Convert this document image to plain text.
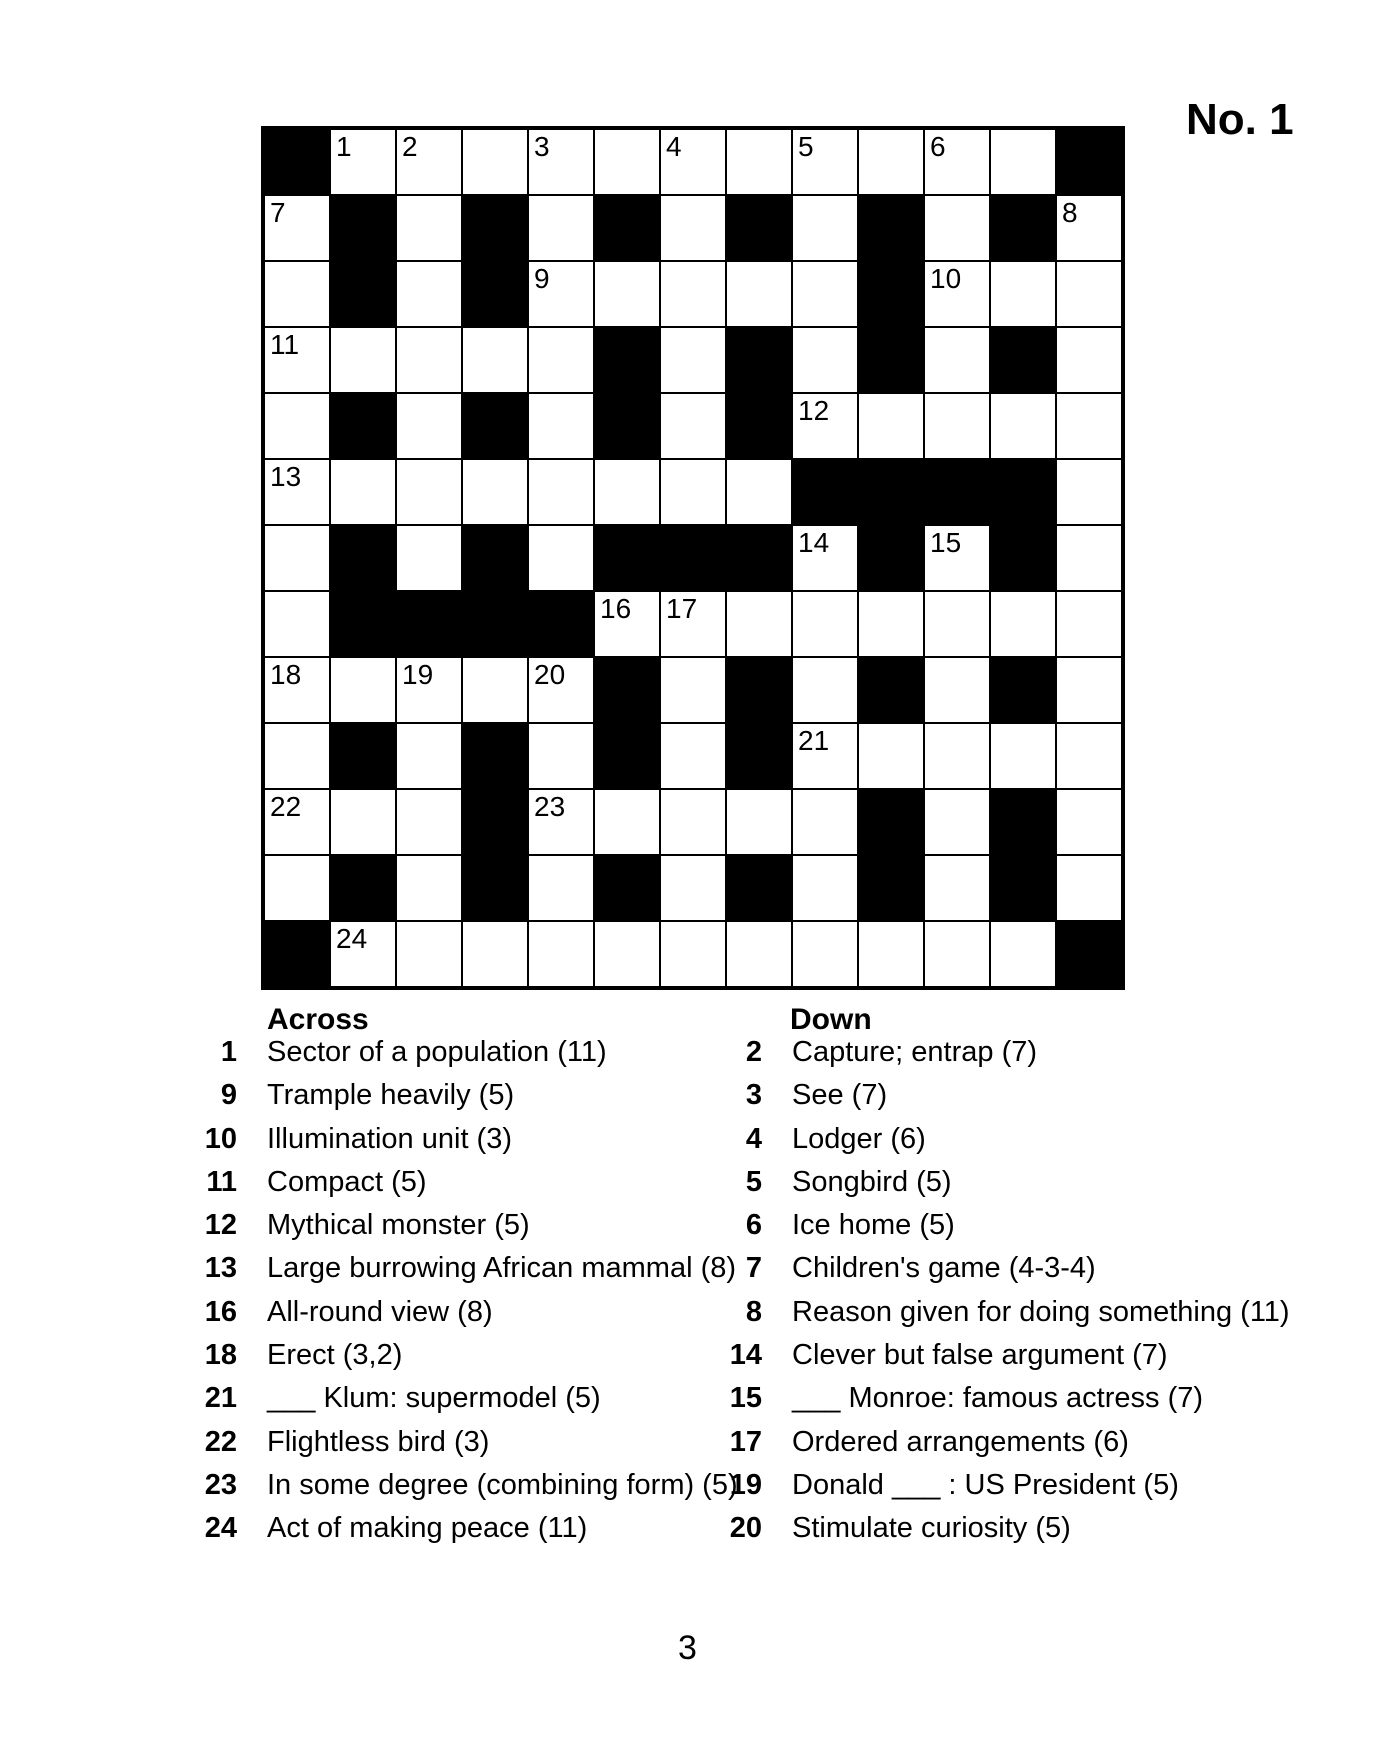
No. 1
1 2	3	4	5	6
7	8
9	10
11
12
13
14	15
16 17
18	19	20
21
22	23
24
Across	Down
1 Sector of a population (11)
9 Trample heavily (5)
10 Illumination unit (3)
11 Compact (5)
12 Mythical monster (5)
13 Large burrowing African mammal (8)
16 All-round view (8)
18 Erect (3,2)
21 ___ Klum: supermodel (5)
22 Flightless bird (3)
23 In some degree (combining form) (5)
24 Act of making peace (11)
2 Capture; entrap (7)
3 See (7)
4 Lodger (6)
5 Songbird (5)
6 Ice home (5)
7 Children's game (4-3-4)
8 Reason given for doing something (11)
14 Clever but false argument (7)
15 ___ Monroe: famous actress (7)
17 Ordered arrangements (6)
19 Donald ___ : US President (5)
20 Stimulate curiosity (5)
3
